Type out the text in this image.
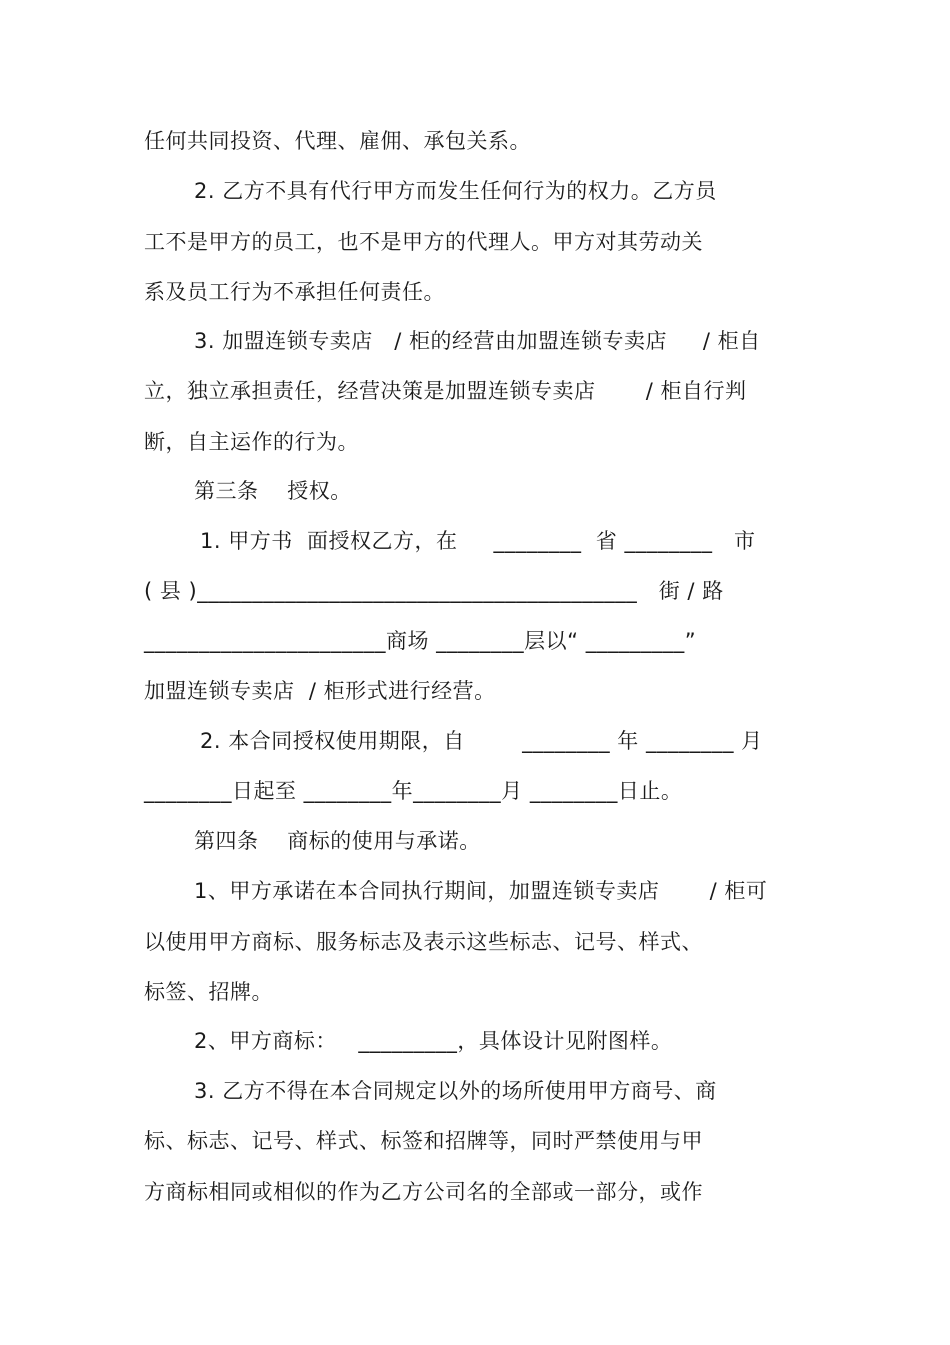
任何共同投资、代理、雇佣、承包关系。
2. 乙方不具有代行甲方而发生任何行为的权力。乙方员
工不是甲方的员工，也不是甲方的代理人。甲方对其劳动关
系及员工行为不承担任何责任。
3. 加盟连锁专卖店   / 柜的经营由加盟连锁专卖店     / 柜自
立，独立承担责任，经营决策是加盟连锁专卖店       / 柜自行判
断，自主运作的行为。
第三条    授权。
1. 甲方书  面授权乙方，在     ________  省 ________   市
( 县 )________________________________________   街 / 路
______________________商场 ________层以“ _________”
加盟连锁专卖店  / 柜形式进行经营。
2. 本合同授权使用期限，自        ________ 年 ________ 月
________日起至 ________年________月 ________日止。
第四条    商标的使用与承诺。
1、甲方承诺在本合同执行期间，加盟连锁专卖店       / 柜可
以使用甲方商标、服务标志及表示这些标志、记号、样式、
标签、招牌。
2、甲方商标：   _________，具体设计见附图样。
3. 乙方不得在本合同规定以外的场所使用甲方商号、商
标、标志、记号、样式、标签和招牌等，同时严禁使用与甲
方商标相同或相似的作为乙方公司名的全部或一部分，或作
